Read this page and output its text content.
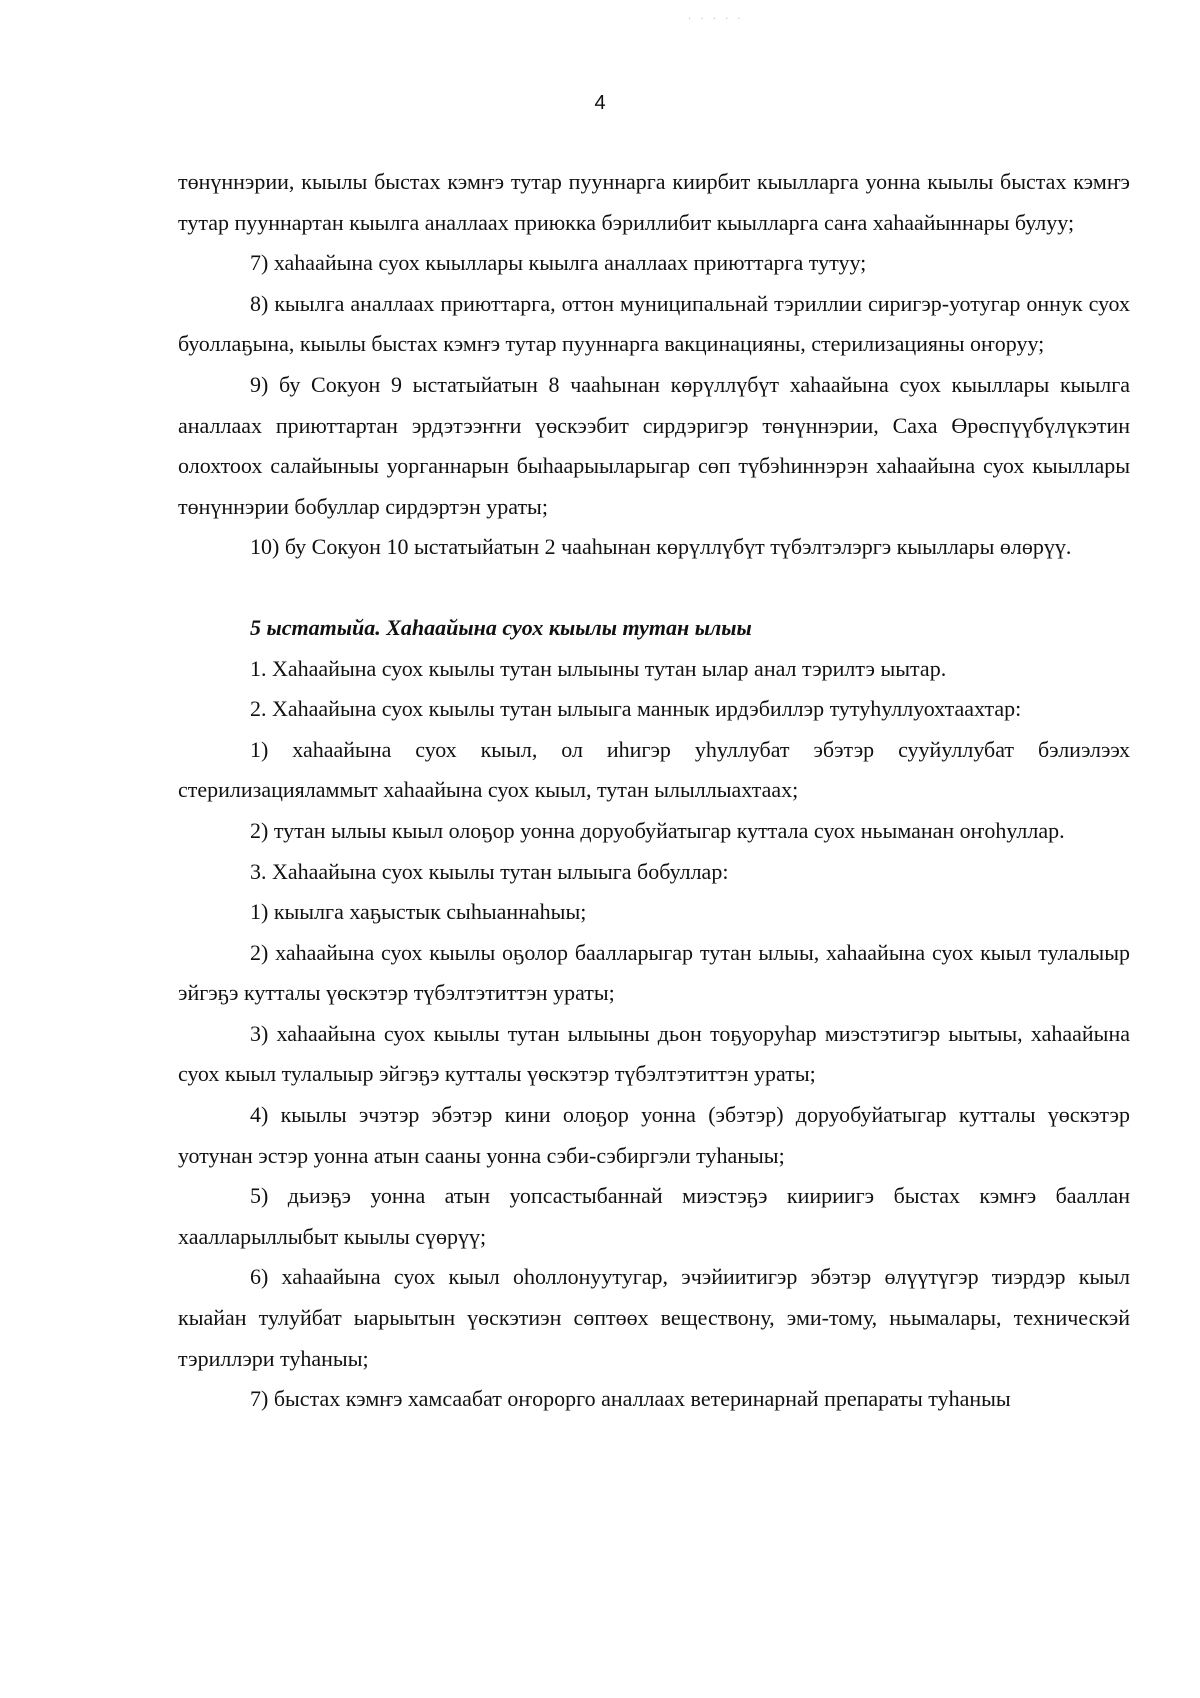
· · · · ·
4

төнүннэрии, кыылы быстах кэмҥэ тутар пууннарга киирбит кыылларга уонна кыылы быстах кэмҥэ тутар пууннартан кыылга аналлаах приюкка бэриллибит кыылларга саҥа хаһаайыннары булуу;

7) хаһаайына суох кыыллары кыылга аналлаах приюттарга тутуу;

8) кыылга аналлаах приюттарга, оттон муниципальнай тэриллии сиригэр-уотугар оннук суох буоллаҕына, кыылы быстах кэмҥэ тутар пууннарга вакцинацияны, стерилизацияны оҥоруу;

9) бу Сокуон 9 ыстатыйатын 8 чааһынан көрүллүбүт хаһаайына суох кыыллары кыылга аналлаах приюттартан эрдэтээҥҥи үөскээбит сирдэригэр төнүннэрии, Саха Өрөспүүбүлүкэтин олохтоох салайыныы уорганнарын быһаарыыларыгар сөп түбэһиннэрэн хаһаайына суох кыыллары төнүннэрии бобуллар сирдэртэн ураты;

10) бу Сокуон 10 ыстатыйатын 2 чааһынан көрүллүбүт түбэлтэлэргэ кыыллары өлөрүү.

5 ыстатыйа. Хаһаайына суох кыылы тутан ылыы

1. Хаһаайына суох кыылы тутан ылыыны тутан ылар анал тэрилтэ ыытар.

2. Хаһаайына суох кыылы тутан ылыыга маннык ирдэбиллэр тутуһуллуохтаахтар:

1) хаһаайына суох кыыл, ол иһигэр уһуллубат эбэтэр сууйуллубат бэлиэлээх стерилизацияламмыт хаһаайына суох кыыл, тутан ылыллыахтаах;

2) тутан ылыы кыыл олоҕор уонна доруобуйатыгар куттала суох ньыманан оҥоһуллар.

3. Хаһаайына суох кыылы тутан ылыыга бобуллар:

1) кыылга хаҕыстык сыһыаннаһыы;

2) хаһаайына суох кыылы оҕолор баалларыгар тутан ылыы, хаһаайына суох кыыл тулалыыр эйгэҕэ кутталы үөскэтэр түбэлтэтиттэн ураты;

3) хаһаайына суох кыылы тутан ылыыны дьон тоҕуоруһар миэстэтигэр ыытыы, хаһаайына суох кыыл тулалыыр эйгэҕэ кутталы үөскэтэр түбэлтэтиттэн ураты;

4) кыылы эчэтэр эбэтэр кини олоҕор уонна (эбэтэр) доруобуйатыгар кутталы үөскэтэр уотунан эстэр уонна атын сааны уонна сэби-сэбиргэли туһаныы;

5) дьиэҕэ уонна атын уопсастыбаннай миэстэҕэ киириигэ быстах кэмҥэ бааллан хаалларыллыбыт кыылы сүөрүү;

6) хаһаайына суох кыыл оһоллонуутугар, эчэйиитигэр эбэтэр өлүүтүгэр тиэрдэр кыыл кыайан тулуйбат ыарыытын үөскэтиэн сөптөөх веществону, эми-тому, ньымалары, техническэй тэриллэри туһаныы;

7) быстах кэмҥэ хамсаабат оҥорорго аналлаах ветеринарнай препараты туһаныы
